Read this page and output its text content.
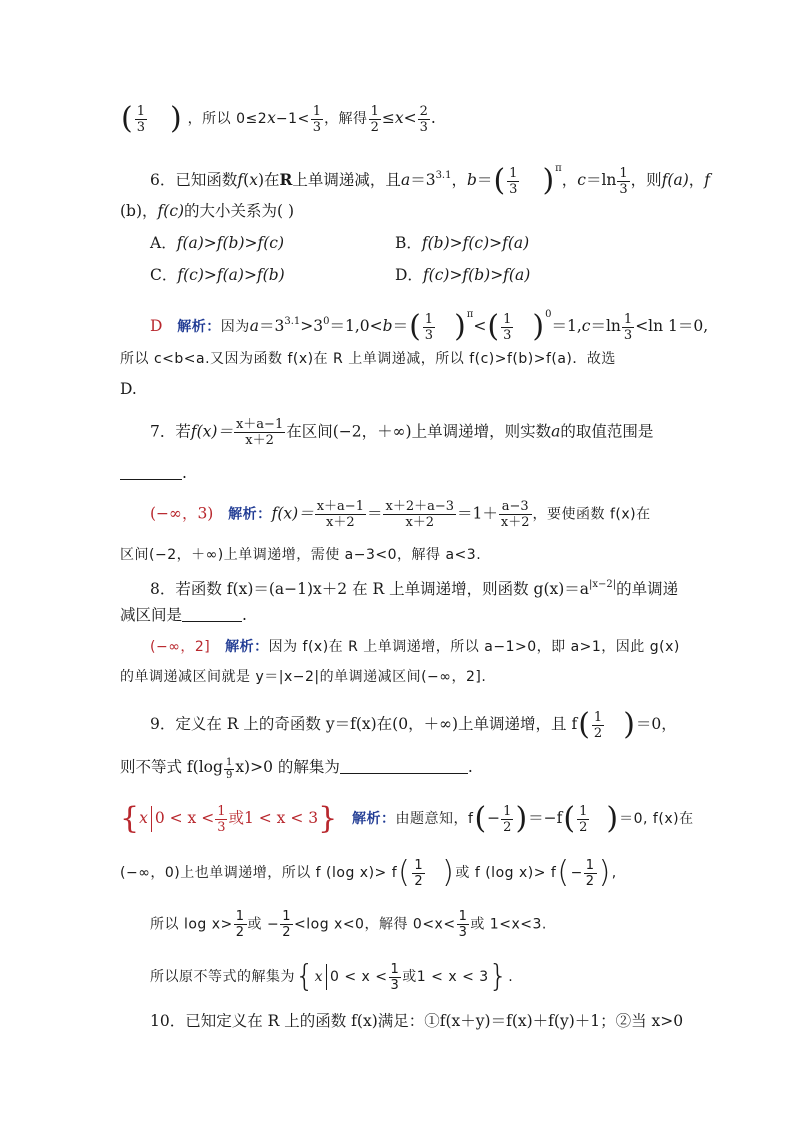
( $\frac{1}{3}$ ) ，所以 $0\le 2x-1< \frac{1}{3}$ ，解得 $\frac{1}{2} \le x< \frac{2}{3}$ .
6．已知函数f(x)在R上单调递减，且$a=3^{3.1}$，$b=( \frac{1}{3} )^\pi$，$c=\ln \frac{1}{3}$ ，则f(a)，f
(b)，f(c)的大小关系为( )
A．f(a)>f(b)>f(c)	B．f(b)>f(c)>f(a)
C．f(c)>f(a)>f(b)	D．f(c)>f(b)>f(a)
D 解析：因为$a=3^{3.1}>3^0=1,0<b=( \frac{1}{3} )^\pi<( \frac{1}{3} )^0=1,c=\ln \frac{1}{3} <\ln$ 1＝0,
所以 c<b<a.又因为函数 f(x)在 R 上单调递减，所以 f(c)>f(b)>f(a)．故选
D.
7．若$f(x)= \frac{x+a-1}{x+2}$ 在区间(−2，＋∞)上单调递增，则实数a的取值范围是
.
(−∞，3) 解析：$f(x)= \frac{x+a-1}{x+2} = \frac{x+2+a-3}{x+2} =1+ \frac{a-3}{x+2}$ ，要使函数 f(x)在
区间(−2，＋∞)上单调递增，需使 a−3<0，解得 a<3.
8．若函数 f(x)＝(a−1)x＋2 在 R 上单调递增，则函数 $g(x)=a^{|x-2|}$的单调递
减区间是	.
(−∞，2] 解析：因为 f(x)在 R 上单调递增，所以 a−1>0，即 a>1，因此 g(x)
的单调递减区间就是 y＝|x−2|的单调递减区间(−∞，2].
9．定义在 R 上的奇函数 y＝f(x)在(0，＋∞)上单调递增，且 $f( \frac{1}{2} )=0$，
则不等式 $f(\log \frac{1}{9} x)>0$ 的解集为	.
{x $0 < x < \frac{1}{3}$ 或1 < x < 3} 解析：由题意知，$f(- \frac{1}{2} )=-f( \frac{1}{2} )=0$, f(x)在
(−∞，0)上也单调递增，所以 f (log $x)> f( \frac{1}{2}$ )或 f (log $x)> f(- \frac{1}{2}$ ),
所以 $\log x> \frac{1}{2}$ 或 − $\frac{1}{2} <\log$ x<0，解得 $0<x< \frac{1}{3}$ 或 1<x<3.
所以原不等式的解集为{x $0 < x < \frac{1}{3}$ 或1 < x < 3}.
10．已知定义在 R 上的函数 f(x)满足：①f(x＋y)＝f(x)＋f(y)＋1；②当 x>0
